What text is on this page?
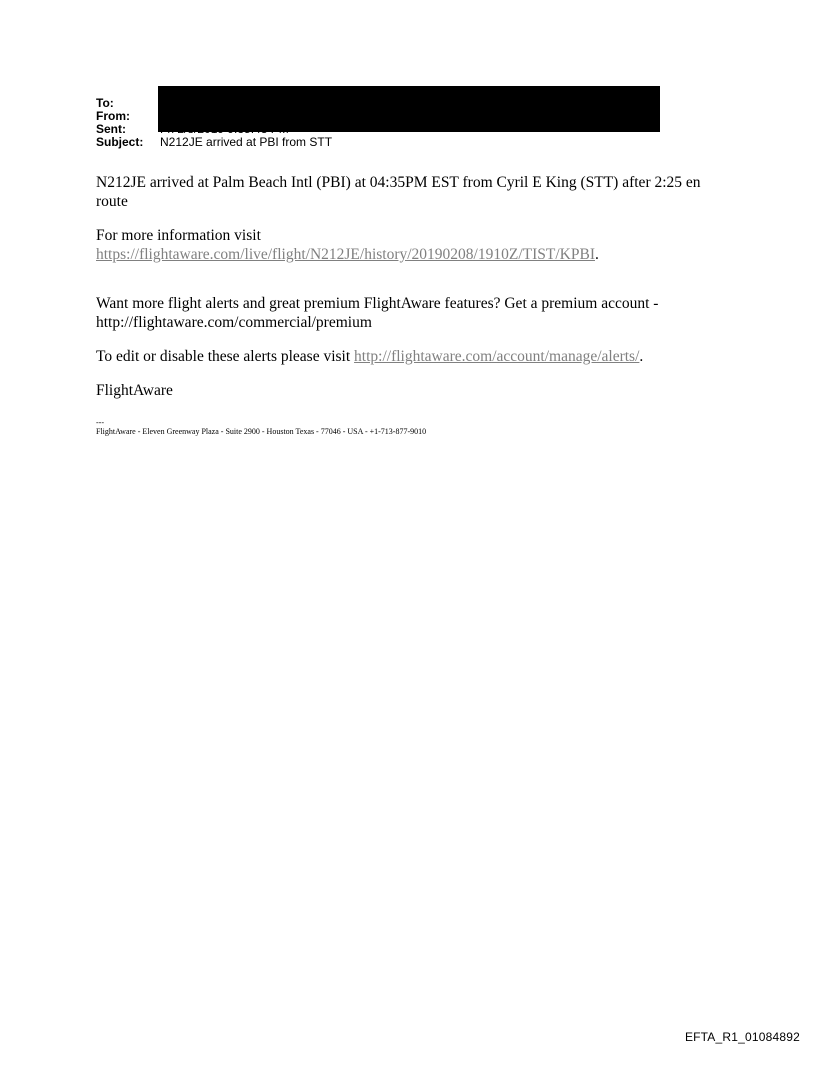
To:
From:
Sent:
Subject:	N212JE arrived at PBI from STT

N212JE arrived at Palm Beach Intl (PBI) at 04:35PM EST from Cyril E King (STT) after 2:25 en route

For more information visit
https://flightaware.com/live/flight/N212JE/history/20190208/1910Z/TIST/KPBI.

Want more flight alerts and great premium FlightAware features? Get a premium account - http://flightaware.com/commercial/premium

To edit or disable these alerts please visit http://flightaware.com/account/manage/alerts/.

FlightAware

---

FlightAware - Eleven Greenway Plaza - Suite 2900 - Houston Texas - 77046 - USA - +1-713-877-9010

EFTA_R1_01084892
